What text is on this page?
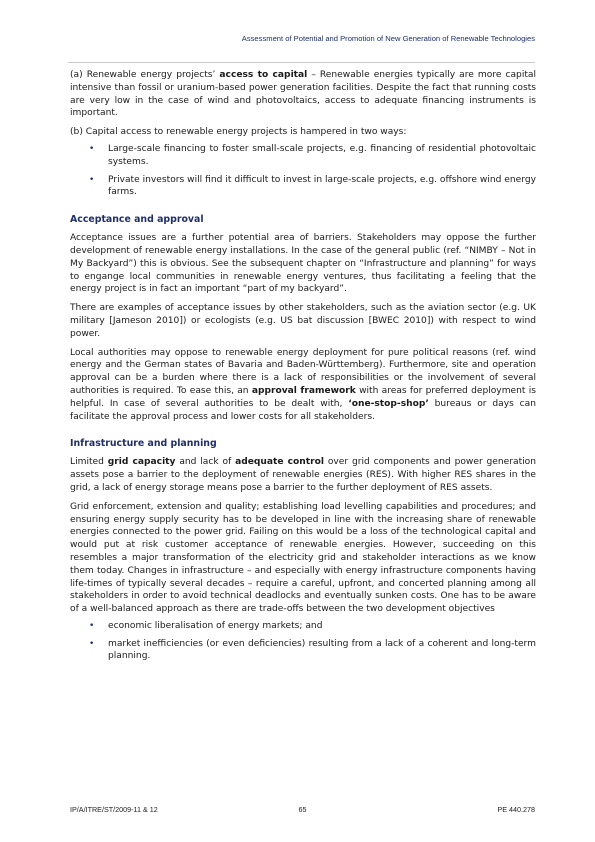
Assessment of Potential and Promotion of New Generation of Renewable Technologies

(a) Renewable energy projects’ access to capital – Renewable energies typically are more capital intensive than fossil or uranium-based power generation facilities. Despite the fact that running costs are very low in the case of wind and photovoltaics, access to adequate financing instruments is important.

(b) Capital access to renewable energy projects is hampered in two ways:

• Large-scale financing to foster small-scale projects, e.g. financing of residential photovoltaic systems.
• Private investors will find it difficult to invest in large-scale projects, e.g. offshore wind energy farms.
Acceptance and approval

Acceptance issues are a further potential area of barriers. Stakeholders may oppose the further development of renewable energy installations. In the case of the general public (ref. “NIMBY – Not in My Backyard”) this is obvious. See the subsequent chapter on “Infrastructure and planning” for ways to engange local communities in renewable energy ventures, thus facilitating a feeling that the energy project is in fact an important “part of my backyard”.

There are examples of acceptance issues by other stakeholders, such as the aviation sector (e.g. UK military [Jameson 2010]) or ecologists (e.g. US bat discussion [BWEC 2010]) with respect to wind power.

Local authorities may oppose to renewable energy deployment for pure political reasons (ref. wind energy and the German states of Bavaria and Baden-Württemberg). Furthermore, site and operation approval can be a burden where there is a lack of responsibilities or the involvement of several authorities is required. To ease this, an approval framework with areas for preferred deployment is helpful. In case of several authorities to be dealt with, ‘one-stop-shop’ bureaus or days can facilitate the approval process and lower costs for all stakeholders.

Infrastructure and planning

Limited grid capacity and lack of adequate control over grid components and power generation assets pose a barrier to the deployment of renewable energies (RES). With higher RES shares in the grid, a lack of energy storage means pose a barrier to the further deployment of RES assets.

Grid enforcement, extension and quality; establishing load levelling capabilities and procedures; and ensuring energy supply security has to be developed in line with the increasing share of renewable energies connected to the power grid. Failing on this would be a loss of the technological capital and would put at risk customer acceptance of renewable energies. However, succeeding on this resembles a major transformation of the electricity grid and stakeholder interactions as we know them today. Changes in infrastructure – and especially with energy infrastructure components having life-times of typically several decades – require a careful, upfront, and concerted planning among all stakeholders in order to avoid technical deadlocks and eventually sunken costs. One has to be aware of a well-balanced approach as there are trade-offs between the two development objectives

• economic liberalisation of energy markets; and
• market inefficiencies (or even deficiencies) resulting from a lack of a coherent and long-term planning.
IP/A/ITRE/ST/2009-11 & 12	65	PE 440.278
